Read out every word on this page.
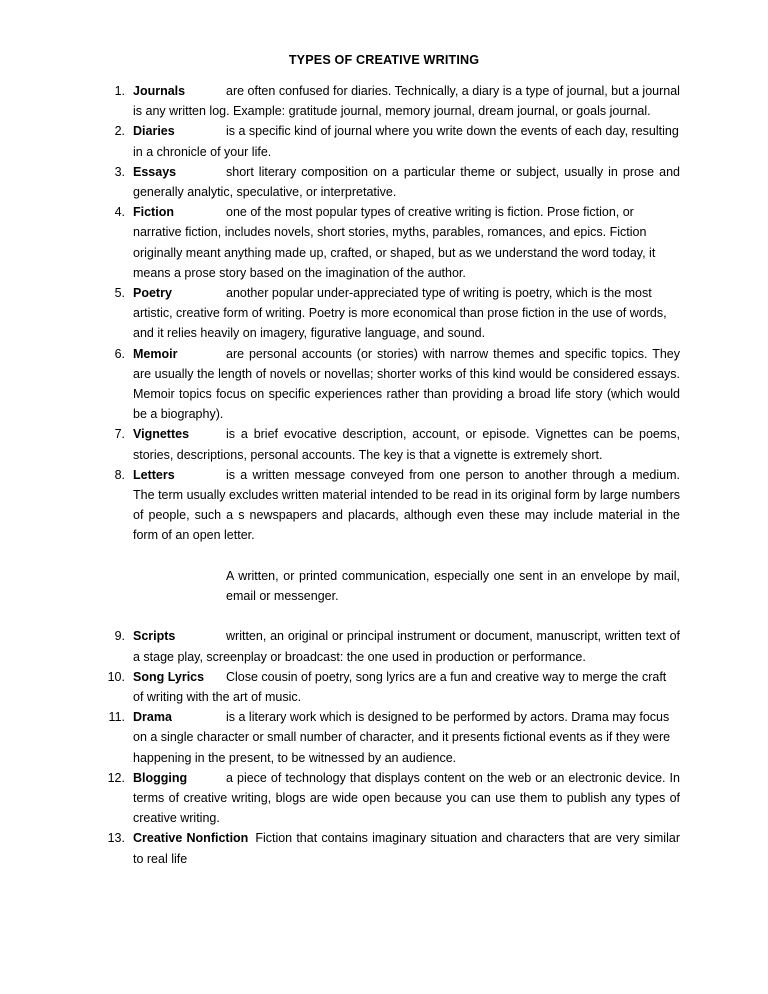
TYPES OF CREATIVE WRITING

1. Journals	are often confused for diaries. Technically, a diary is a type of journal, but a journal is any written log. Example: gratitude journal, memory journal, dream journal, or goals journal.

2. Diaries	is a specific kind of journal where you write down the events of each day, resulting in a chronicle of your life.

3. Essays	short literary composition on a particular theme or subject, usually in prose and generally analytic, speculative, or interpretative.

4. Fiction	one of the most popular types of creative writing is fiction. Prose fiction, or narrative fiction, includes novels, short stories, myths, parables, romances, and epics. Fiction originally meant anything made up, crafted, or shaped, but as we understand the word today, it means a prose story based on the imagination of the author.

5. Poetry	another popular under-appreciated type of writing is poetry, which is the most artistic, creative form of writing. Poetry is more economical than prose fiction in the use of words, and it relies heavily on imagery, figurative language, and sound.

6. Memoir	are personal accounts (or stories) with narrow themes and specific topics. They are usually the length of novels or novellas; shorter works of this kind would be considered essays. Memoir topics focus on specific experiences rather than providing a broad life story (which would be a biography).

7. Vignettes	is a brief evocative description, account, or episode. Vignettes can be poems, stories, descriptions, personal accounts. The key is that a vignette is extremely short.

8. Letters	is a written message conveyed from one person to another through a medium. The term usually excludes written material intended to be read in its original form by large numbers of people, such a s newspapers and placards, although even these may include material in the form of an open letter.

A written, or printed communication, especially one sent in an envelope by mail, email or messenger.

9. Scripts	written, an original or principal instrument or document, manuscript, written text of a stage play, screenplay or broadcast: the one used in production or performance.

10. Song Lyrics Close cousin of poetry, song lyrics are a fun and creative way to merge the craft of writing with the art of music.

11. Drama	is a literary work which is designed to be performed by actors. Drama may focus on a single character or small number of character, and it presents fictional events as if they were happening in the present, to be witnessed by an audience.

12. Blogging	a piece of technology that displays content on the web or an electronic device. In terms of creative writing, blogs are wide open because you can use them to publish any types of creative writing.

13. Creative Nonfiction Fiction that contains imaginary situation and characters that are very similar to real life
